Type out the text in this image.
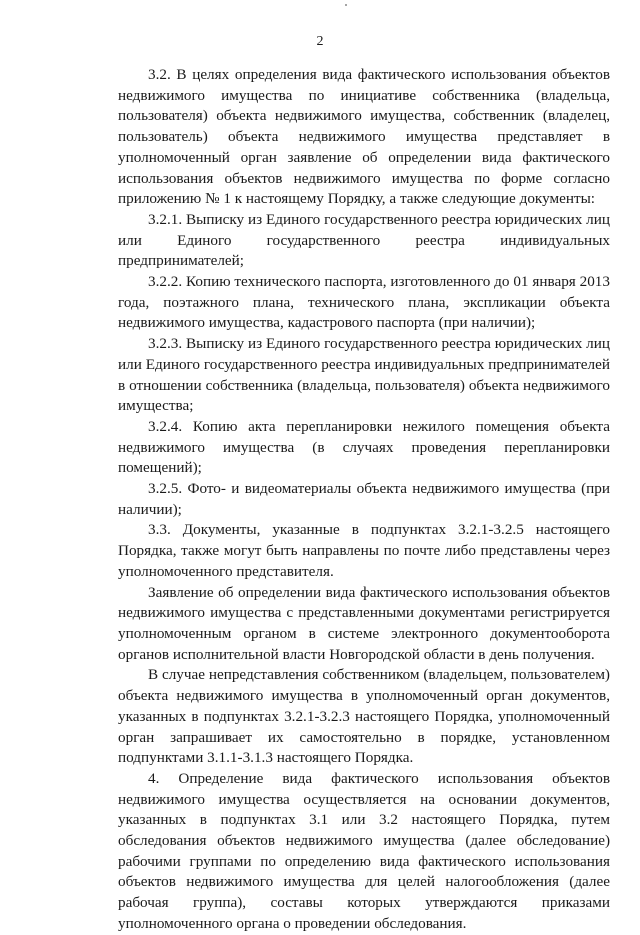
2

3.2. В целях определения вида фактического использования объектов недвижимого имущества по инициативе собственника (владельца, пользователя) объекта недвижимого имущества, собственник (владелец, пользователь) объекта недвижимого имущества представляет в уполномоченный орган заявление об определении вида фактического использования объектов недвижимого имущества по форме согласно приложению № 1 к настоящему Порядку, а также следующие документы:

3.2.1. Выписку из Единого государственного реестра юридических лиц или Единого государственного реестра индивидуальных предпринимателей;

3.2.2. Копию технического паспорта, изготовленного до 01 января 2013 года, поэтажного плана, технического плана, экспликации объекта недвижимого имущества, кадастрового паспорта (при наличии);

3.2.3. Выписку из Единого государственного реестра юридических лиц или Единого государственного реестра индивидуальных предпринимателей в отношении собственника (владельца, пользователя) объекта недвижимого имущества;

3.2.4. Копию акта перепланировки нежилого помещения объекта недвижимого имущества (в случаях проведения перепланировки помещений);

3.2.5. Фото- и видеоматериалы объекта недвижимого имущества (при наличии);

3.3. Документы, указанные в подпунктах 3.2.1-3.2.5 настоящего Порядка, также могут быть направлены по почте либо представлены через уполномоченного представителя.

Заявление об определении вида фактического использования объектов недвижимого имущества с представленными документами регистрируется уполномоченным органом в системе электронного документооборота органов исполнительной власти Новгородской области в день получения.

В случае непредставления собственником (владельцем, пользователем) объекта недвижимого имущества в уполномоченный орган документов, указанных в подпунктах 3.2.1-3.2.3 настоящего Порядка, уполномоченный орган запрашивает их самостоятельно в порядке, установленном подпунктами 3.1.1-3.1.3 настоящего Порядка.

4. Определение вида фактического использования объектов недвижимого имущества осуществляется на основании документов, указанных в подпунктах 3.1 или 3.2 настоящего Порядка, путем обследования объектов недвижимого имущества (далее обследование) рабочими группами по определению вида фактического использования объектов недвижимого имущества для целей налогообложения (далее рабочая группа), составы которых утверждаются приказами уполномоченного органа о проведении обследования.
